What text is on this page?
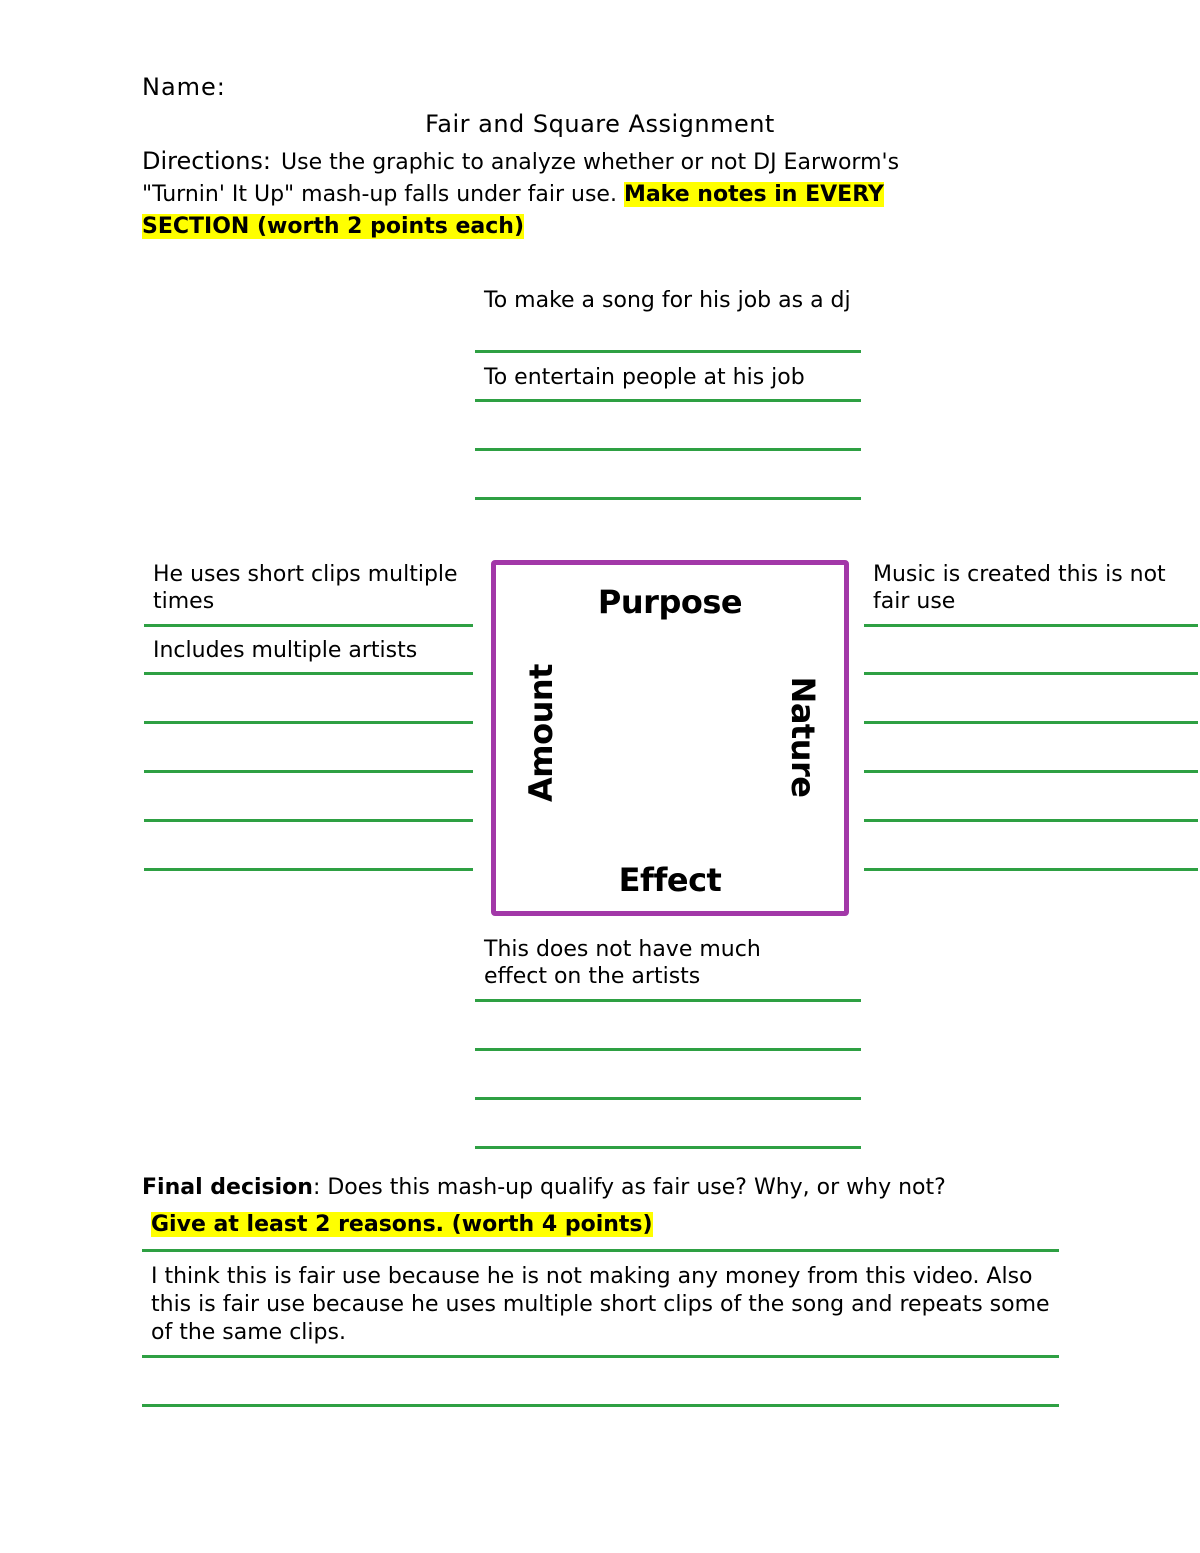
Name:
Fair and Square Assignment
Directions: Use the graphic to analyze whether or not DJ Earworm's "Turnin' It Up" mash-up falls under fair use. Make notes in EVERY SECTION (worth 2 points each)
To make a song for his job as a dj
To entertain people at his job
He uses short clips multiple times
Includes multiple artists
Purpose
Effect
Amount	Nature
Music is created this is not fair use
This does not have much effect on the artists
Final decision: Does this mash-up qualify as fair use? Why, or why not?
Give at least 2 reasons. (worth 4 points)
I think this is fair use because he is not making any money from this video. Also this is fair use because he uses multiple short clips of the song and repeats some of the same clips.
